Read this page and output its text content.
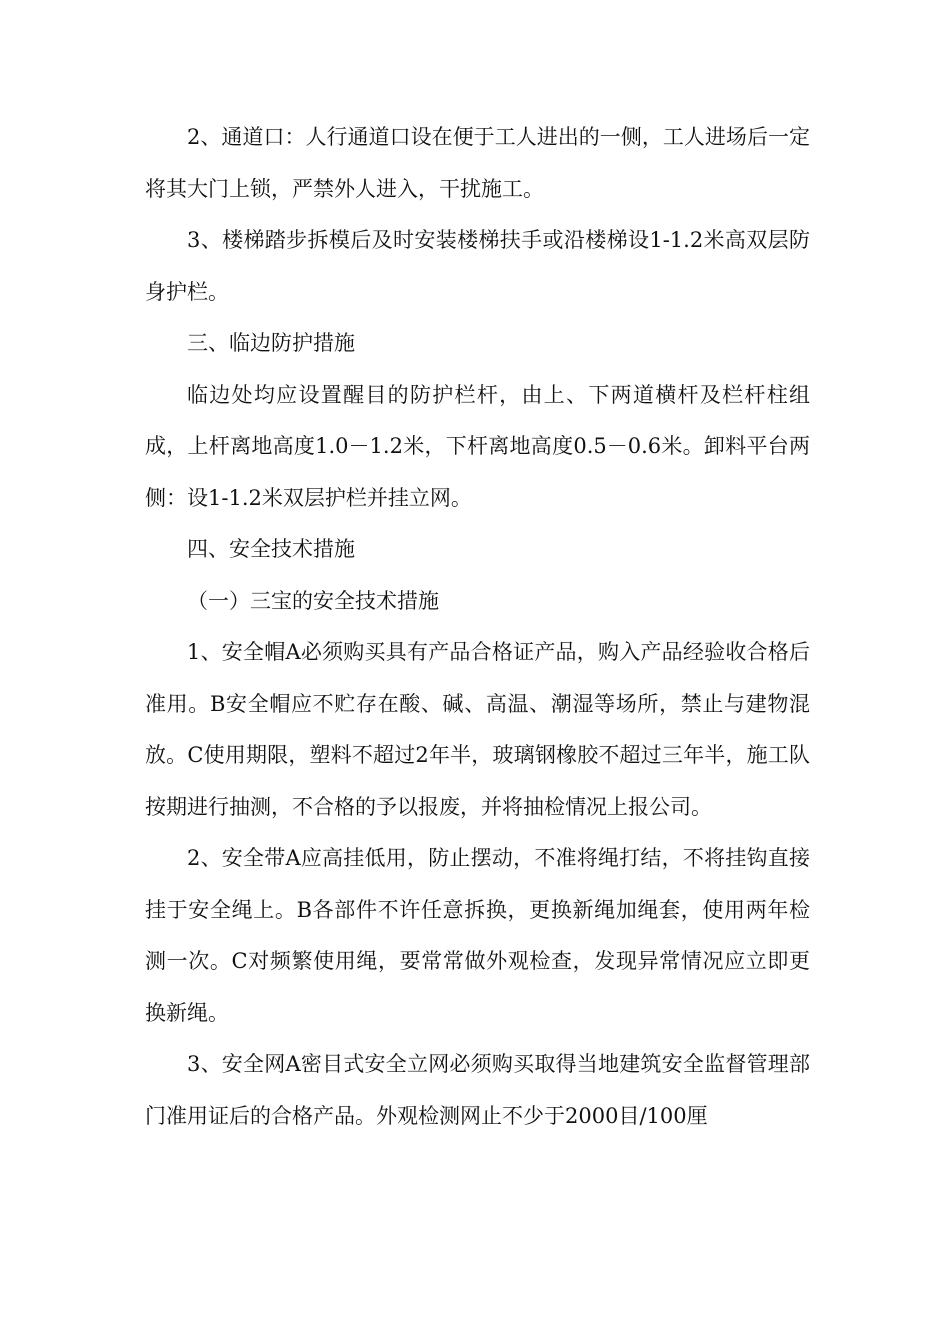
2、通道口：人行通道口设在便于工人进出的一侧，工人进场后一定将其大门上锁，严禁外人进入，干扰施工。

3、楼梯踏步拆模后及时安装楼梯扶手或沿楼梯设1-1.2米高双层防身护栏。

三、临边防护措施

临边处均应设置醒目的防护栏杆，由上、下两道横杆及栏杆柱组成，上杆离地高度1.0－1.2米，下杆离地高度0.5－0.6米。卸料平台两侧：设1-1.2米双层护栏并挂立网。

四、安全技术措施

（一）三宝的安全技术措施

1、安全帽A必须购买具有产品合格证产品，购入产品经验收合格后准用。B安全帽应不贮存在酸、碱、高温、潮湿等场所，禁止与建物混放。C使用期限，塑料不超过2年半，玻璃钢橡胶不超过三年半，施工队按期进行抽测，不合格的予以报废，并将抽检情况上报公司。

2、安全带A应高挂低用，防止摆动，不准将绳打结，不将挂钩直接挂于安全绳上。B各部件不许任意拆换，更换新绳加绳套，使用两年检测一次。C对频繁使用绳，要常常做外观检查，发现异常情况应立即更换新绳。

3、安全网A密目式安全立网必须购买取得当地建筑安全监督管理部门准用证后的合格产品。外观检测网止不少于2000目/100厘
